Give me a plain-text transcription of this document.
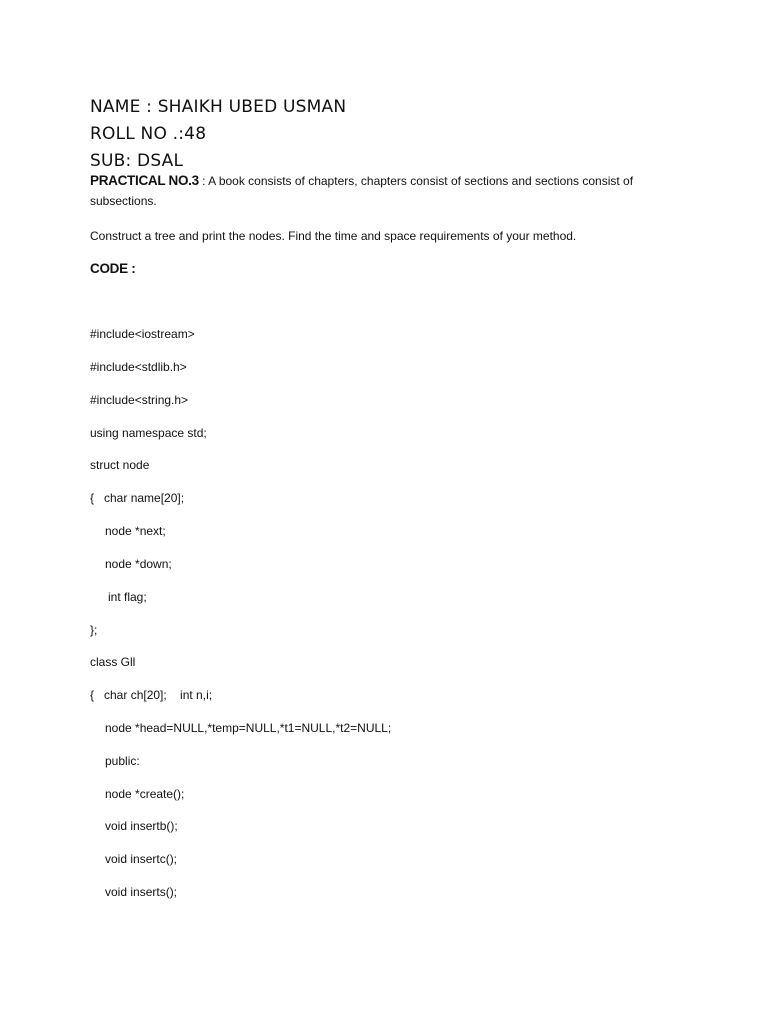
NAME : SHAIKH UBED USMAN
ROLL NO .:48
SUB: DSAL
PRACTICAL NO.3 : A book consists of chapters, chapters consist of sections and sections consist of subsections.
Construct a tree and print the nodes. Find the time and space requirements of your method.
CODE :
#include<iostream>
#include<stdlib.h>
#include<string.h>
using namespace std;
struct node
{   char name[20];
node *next;
node *down;
int flag;
};
class Gll
{   char ch[20];    int n,i;
node *head=NULL,*temp=NULL,*t1=NULL,*t2=NULL;
public:
node *create();
void insertb();
void insertc();
void inserts();
